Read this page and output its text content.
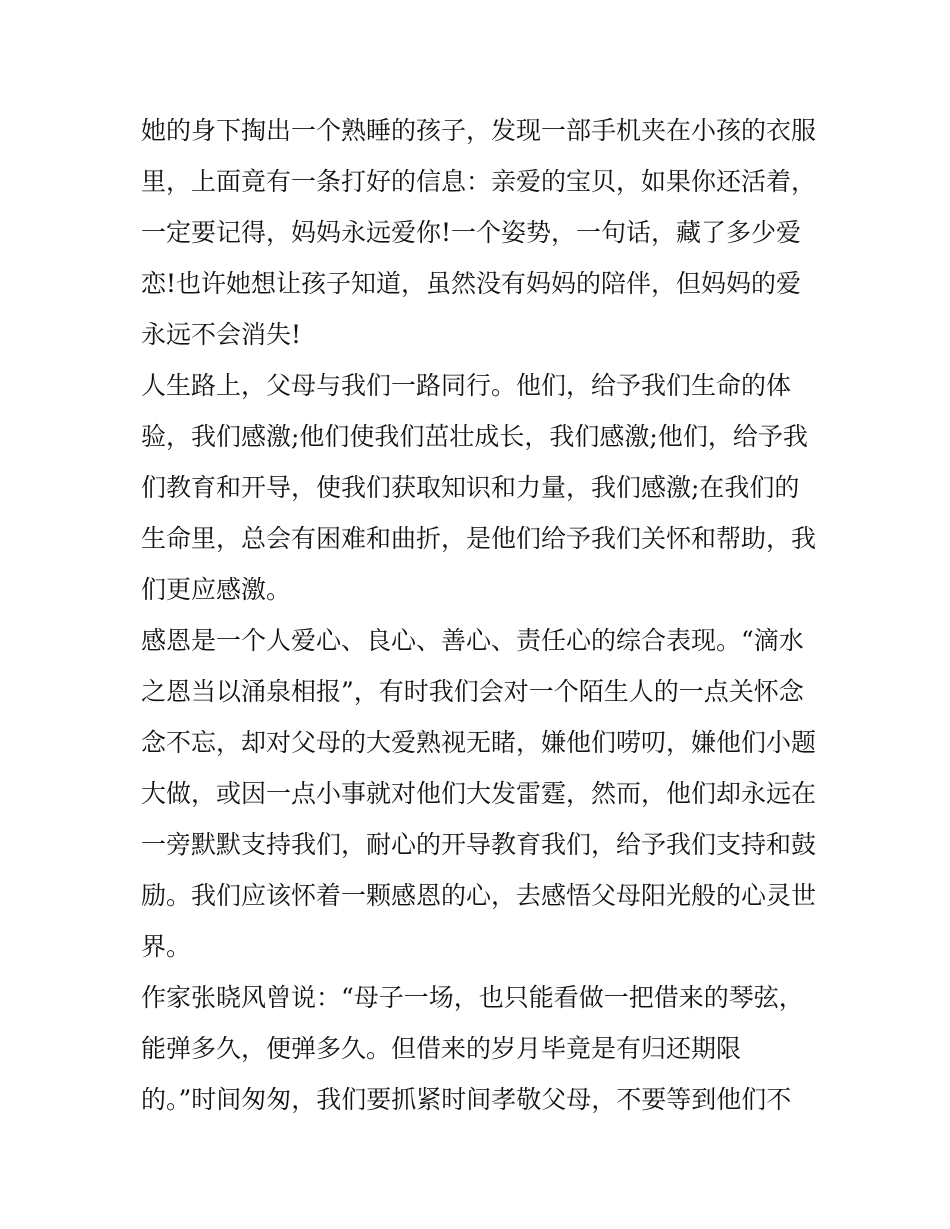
她的身下掏出一个熟睡的孩子，发现一部手机夹在小孩的衣服
里，上面竟有一条打好的信息：亲爱的宝贝，如果你还活着，
一定要记得，妈妈永远爱你!一个姿势，一句话，藏了多少爱
恋!也许她想让孩子知道，虽然没有妈妈的陪伴，但妈妈的爱
永远不会消失!
人生路上，父母与我们一路同行。他们，给予我们生命的体
验，我们感激;他们使我们茁壮成长，我们感激;他们，给予我
们教育和开导，使我们获取知识和力量，我们感激;在我们的
生命里，总会有困难和曲折，是他们给予我们关怀和帮助，我
们更应感激。
感恩是一个人爱心、良心、善心、责任心的综合表现。“滴水
之恩当以涌泉相报”，有时我们会对一个陌生人的一点关怀念
念不忘，却对父母的大爱熟视无睹，嫌他们唠叨，嫌他们小题
大做，或因一点小事就对他们大发雷霆，然而，他们却永远在
一旁默默支持我们，耐心的开导教育我们，给予我们支持和鼓
励。我们应该怀着一颗感恩的心，去感悟父母阳光般的心灵世
界。
作家张晓风曾说：“母子一场，也只能看做一把借来的琴弦，
能弹多久，便弹多久。但借来的岁月毕竟是有归还期限
的。”时间匆匆，我们要抓紧时间孝敬父母，不要等到他们不
